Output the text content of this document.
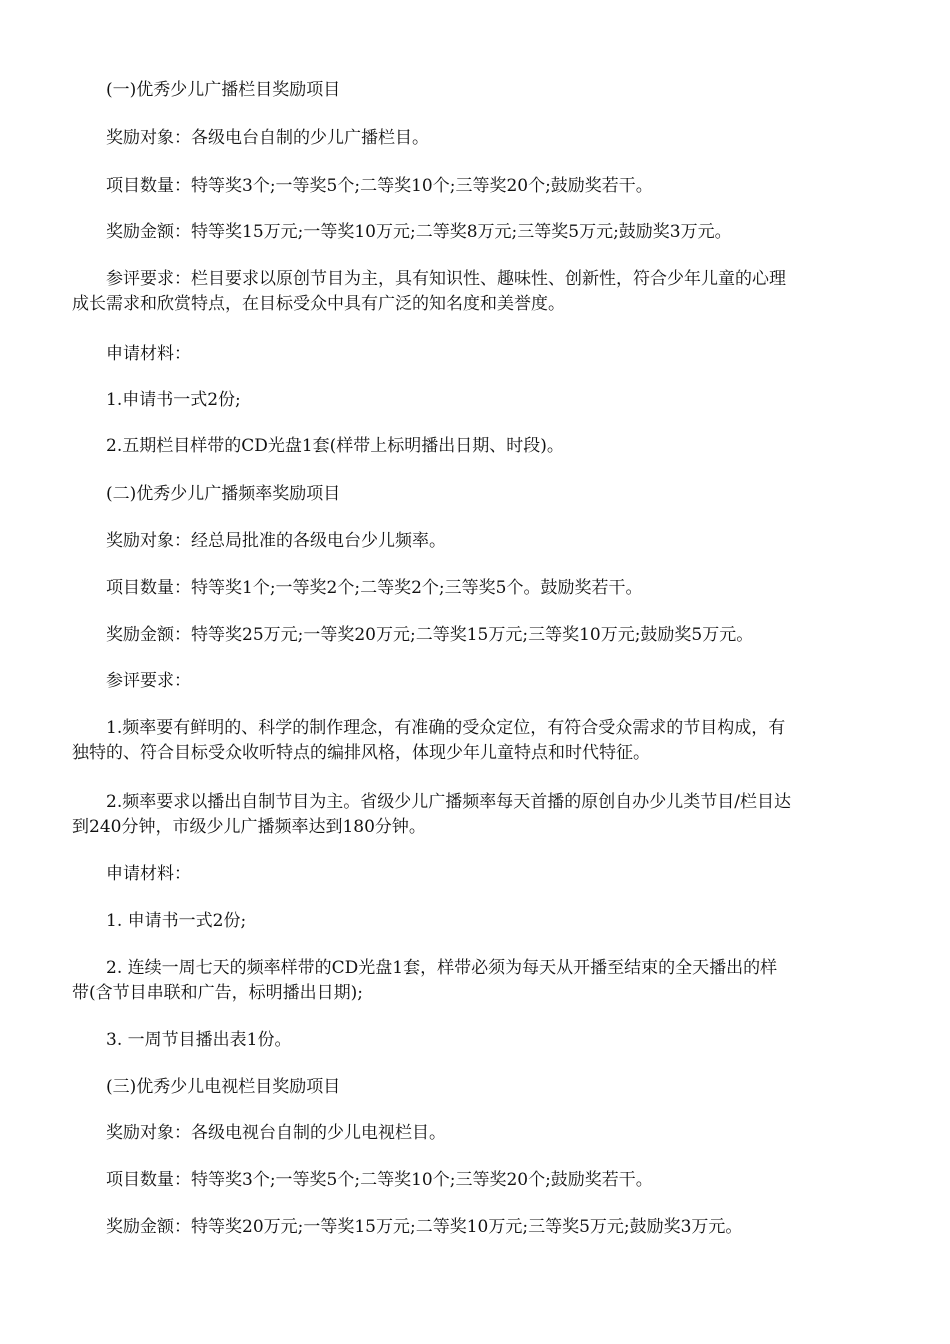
(一)优秀少儿广播栏目奖励项目

奖励对象：各级电台自制的少儿广播栏目。

项目数量：特等奖3个;一等奖5个;二等奖10个;三等奖20个;鼓励奖若干。

奖励金额：特等奖15万元;一等奖10万元;二等奖8万元;三等奖5万元;鼓励奖3万元。

参评要求：栏目要求以原创节目为主，具有知识性、趣味性、创新性，符合少年儿童的心理
成长需求和欣赏特点，在目标受众中具有广泛的知名度和美誉度。

申请材料：

1.申请书一式2份;

2.五期栏目样带的CD光盘1套(样带上标明播出日期、时段)。

(二)优秀少儿广播频率奖励项目

奖励对象：经总局批准的各级电台少儿频率。

项目数量：特等奖1个;一等奖2个;二等奖2个;三等奖5个。鼓励奖若干。

奖励金额：特等奖25万元;一等奖20万元;二等奖15万元;三等奖10万元;鼓励奖5万元。

参评要求：

1.频率要有鲜明的、科学的制作理念，有准确的受众定位，有符合受众需求的节目构成，有
独特的、符合目标受众收听特点的编排风格，体现少年儿童特点和时代特征。

2.频率要求以播出自制节目为主。省级少儿广播频率每天首播的原创自办少儿类节目/栏目达
到240分钟，市级少儿广播频率达到180分钟。

申请材料：

1. 申请书一式2份;

2. 连续一周七天的频率样带的CD光盘1套，样带必须为每天从开播至结束的全天播出的样
带(含节目串联和广告，标明播出日期);

3. 一周节目播出表1份。

(三)优秀少儿电视栏目奖励项目

奖励对象：各级电视台自制的少儿电视栏目。

项目数量：特等奖3个;一等奖5个;二等奖10个;三等奖20个;鼓励奖若干。

奖励金额：特等奖20万元;一等奖15万元;二等奖10万元;三等奖5万元;鼓励奖3万元。
